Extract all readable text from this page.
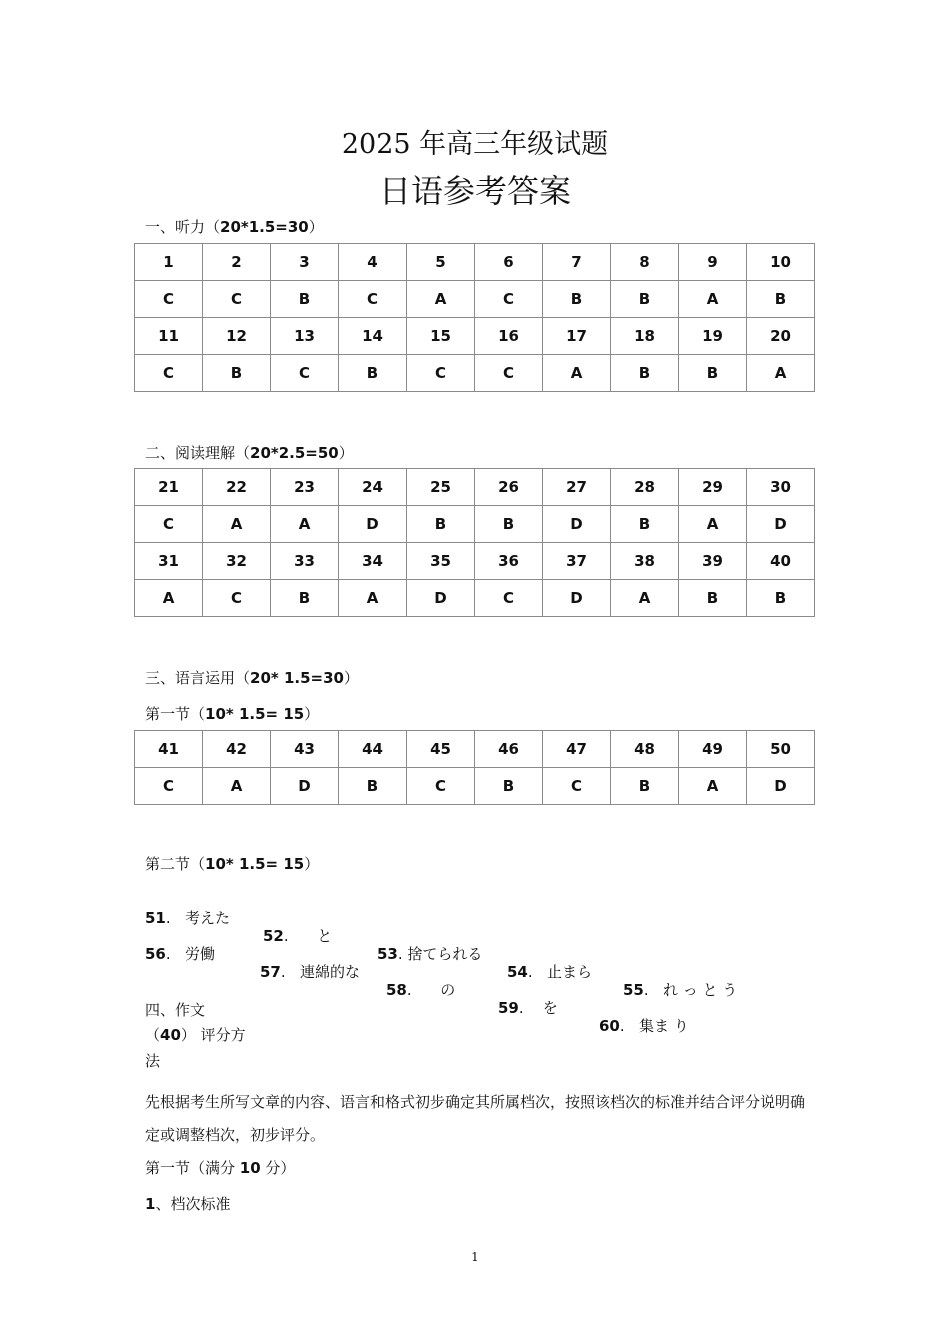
2025 年高三年级试题
日语参考答案
一、听力（20*1.5=30）
1	2	3	4	5	6	7	8	9	10
C	C	B	C	A	C	B	B	A	B
11	12	13	14	15	16	17	18	19	20
C	B	C	B	C	C	A	B	B	A
二、阅读理解（20*2.5=50）
21	22	23	24	25	26	27	28	29	30
C	A	A	D	B	B	D	B	A	D
31	32	33	34	35	36	37	38	39	40
A	C	B	A	D	C	D	A	B	B
三、语言运用（20* 1.5=30）
第一节（10* 1.5= 15）
41	42	43	44	45	46	47	48	49	50
C	A	D	B	C	B	C	B	A	D
第二节（10* 1.5= 15）

51.   考えた

52.      と

53. 捨てられる

54.   止まら

55.   れ っ と う

56.   労働

57.   連綿的な

58.      の

59.    を

60.   集ま り

四、作文
（40） 评分方
法
先根据考生所写文章的内容、语言和格式初步确定其所属档次，按照该档次的标准并结合评分说明确定或调整档次，初步评分。
第一节（满分 10 分）
1、档次标准
1
